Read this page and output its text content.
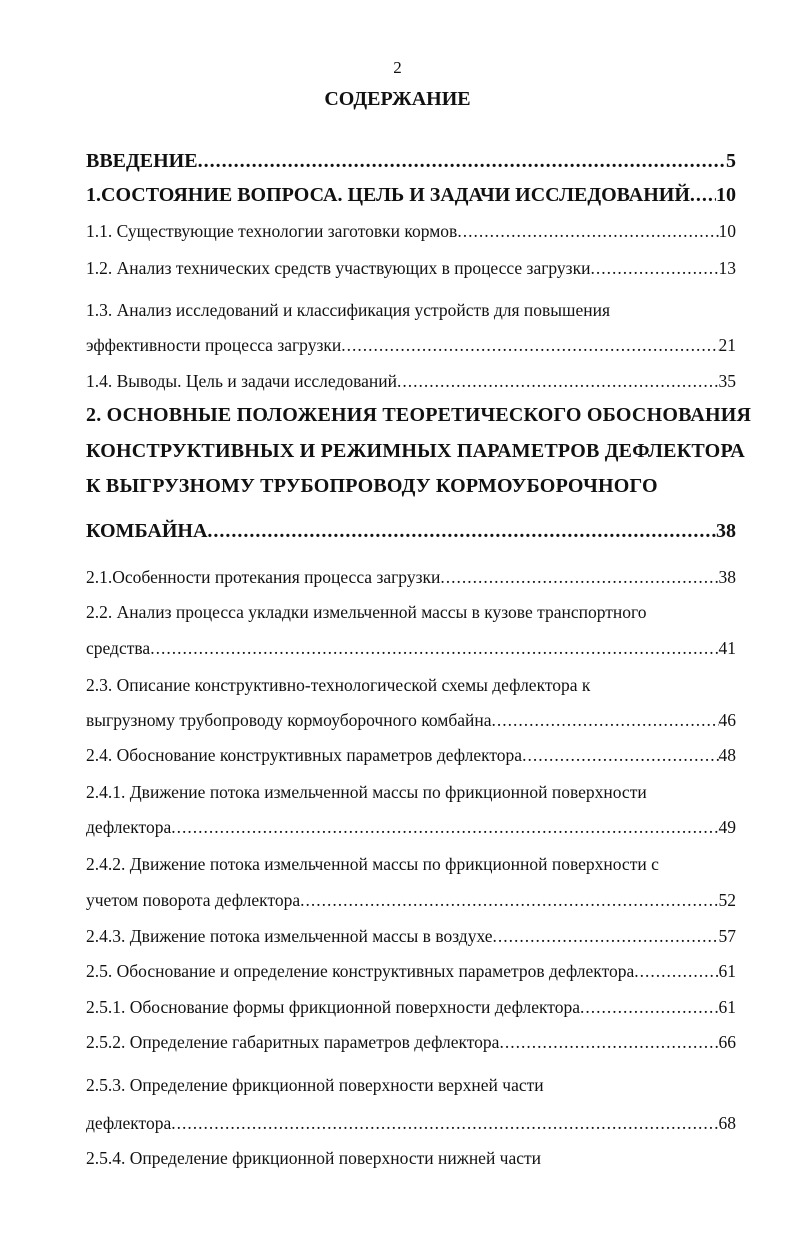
2
СОДЕРЖАНИЕ
ВВЕДЕНИЕ .....	5
1.СОСТОЯНИЕ ВОПРОСА. ЦЕЛЬ И ЗАДАЧИ ИССЛЕДОВАНИЙ ..... 10
1.1. Существующие технологии заготовки кормов .....	10
1.2. Анализ технических средств участвующих в процессе загрузки .....	13
1.3. Анализ исследований и классификация устройств для повышения
эффективности процесса загрузки .....	21
1.4. Выводы. Цель и задачи исследований .....	35
2. ОСНОВНЫЕ ПОЛОЖЕНИЯ ТЕОРЕТИЧЕСКОГО ОБОСНОВАНИЯ
КОНСТРУКТИВНЫХ И РЕЖИМНЫХ ПАРАМЕТРОВ ДЕФЛЕКТОРА
К ВЫГРУЗНОМУ ТРУБОПРОВОДУ КОРМОУБОРОЧНОГО
КОМБАЙНА .....	38
2.1.Особенности протекания процесса загрузки .....	38
2.2. Анализ процесса укладки измельченной массы в кузове транспортного
средства .....	41
2.3. Описание конструктивно-технологической схемы дефлектора к
выгрузному трубопроводу кормоуборочного комбайна .....	46
2.4. Обоснование конструктивных параметров дефлектора .....	48
2.4.1. Движение потока измельченной массы по фрикционной поверхности
дефлектора .....	49
2.4.2. Движение потока измельченной массы по фрикционной поверхности с
учетом поворота дефлектора .....	52
2.4.3. Движение потока измельченной массы в воздухе .....	57
2.5. Обоснование и определение конструктивных параметров дефлектора .....	61
2.5.1. Обоснование формы фрикционной поверхности дефлектора .....	61
2.5.2. Определение габаритных параметров дефлектора .....	66
2.5.3. Определение фрикционной поверхности верхней части
дефлектора .....	68
2.5.4. Определение фрикционной поверхности нижней части
